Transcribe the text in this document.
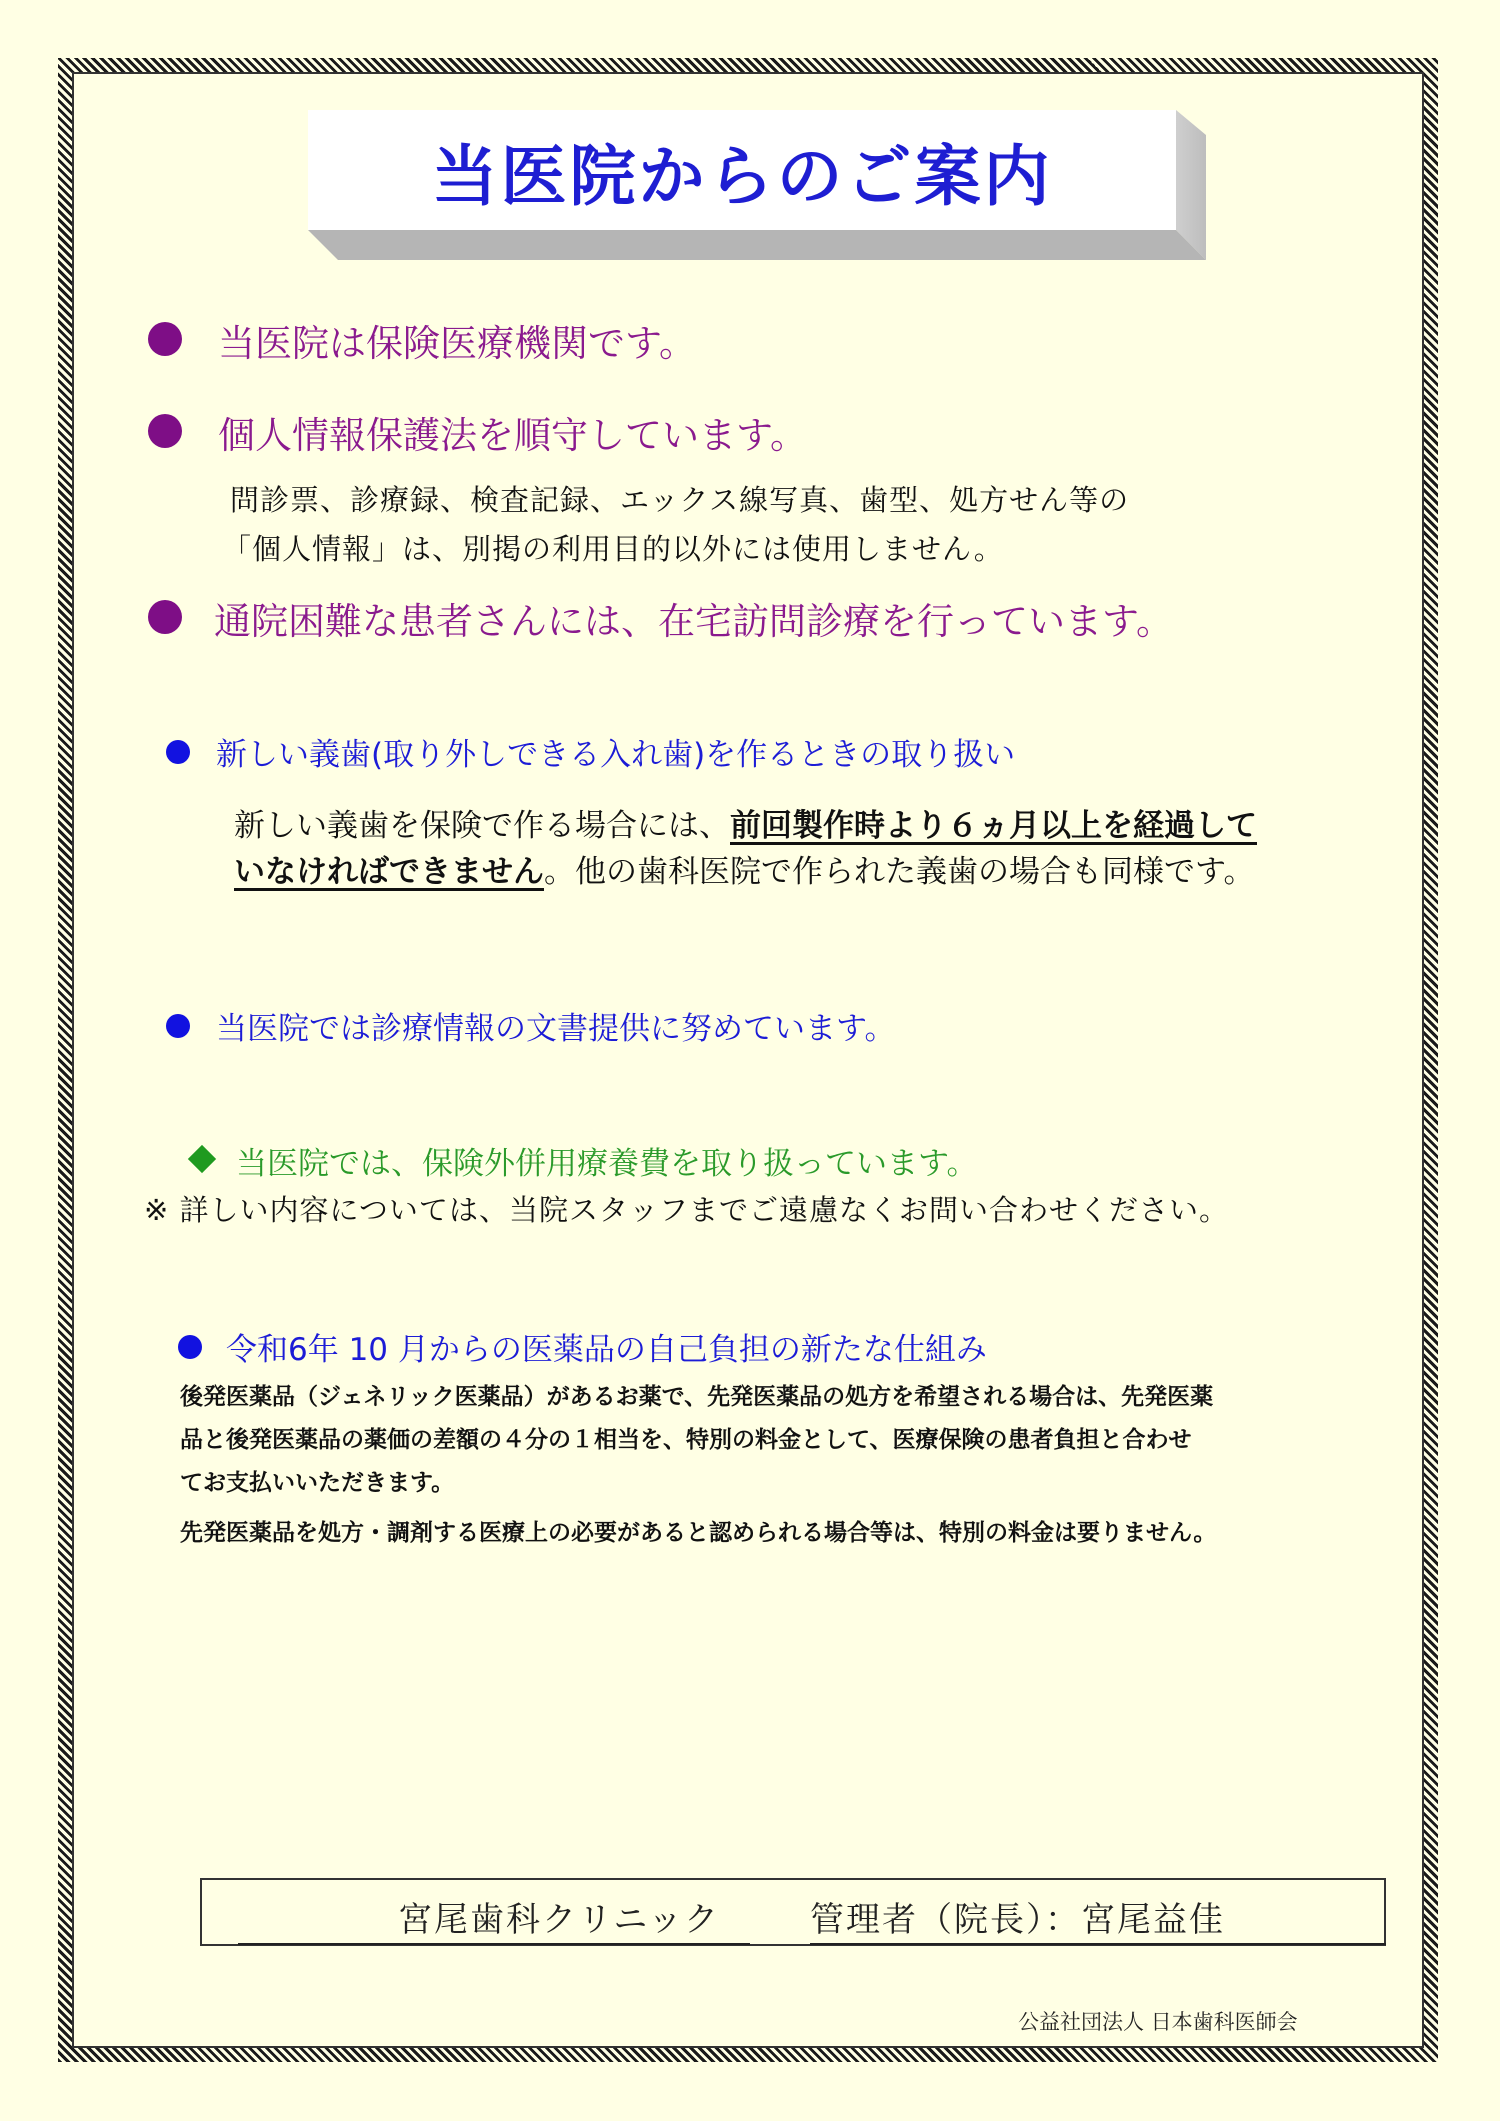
当医院からのご案内
当医院は保険医療機関です。
個人情報保護法を順守しています。
問診票、診療録、検査記録、エックス線写真、歯型、処方せん等の
「個人情報」は、別掲の利用目的以外には使用しません。
通院困難な患者さんには、在宅訪問診療を行っています。
新しい義歯(取り外しできる入れ歯)を作るときの取り扱い
新しい義歯を保険で作る場合には、前回製作時より６ヵ月以上を経過して
いなければできません。他の歯科医院で作られた義歯の場合も同様です。
当医院では診療情報の文書提供に努めています。
当医院では、保険外併用療養費を取り扱っています。
※ 詳しい内容については、当院スタッフまでご遠慮なくお問い合わせください。
令和6年 10 月からの医薬品の自己負担の新たな仕組み
後発医薬品（ジェネリック医薬品）があるお薬で、先発医薬品の処方を希望される場合は、先発医薬
品と後発医薬品の薬価の差額の４分の１相当を、特別の料金として、医療保険の患者負担と合わせ
てお支払いいただきます。
先発医薬品を処方・調剤する医療上の必要があると認められる場合等は、特別の料金は要りません。
宮尾歯科クリニック	管理者（院長）：宮尾益佳
公益社団法人 日本歯科医師会
